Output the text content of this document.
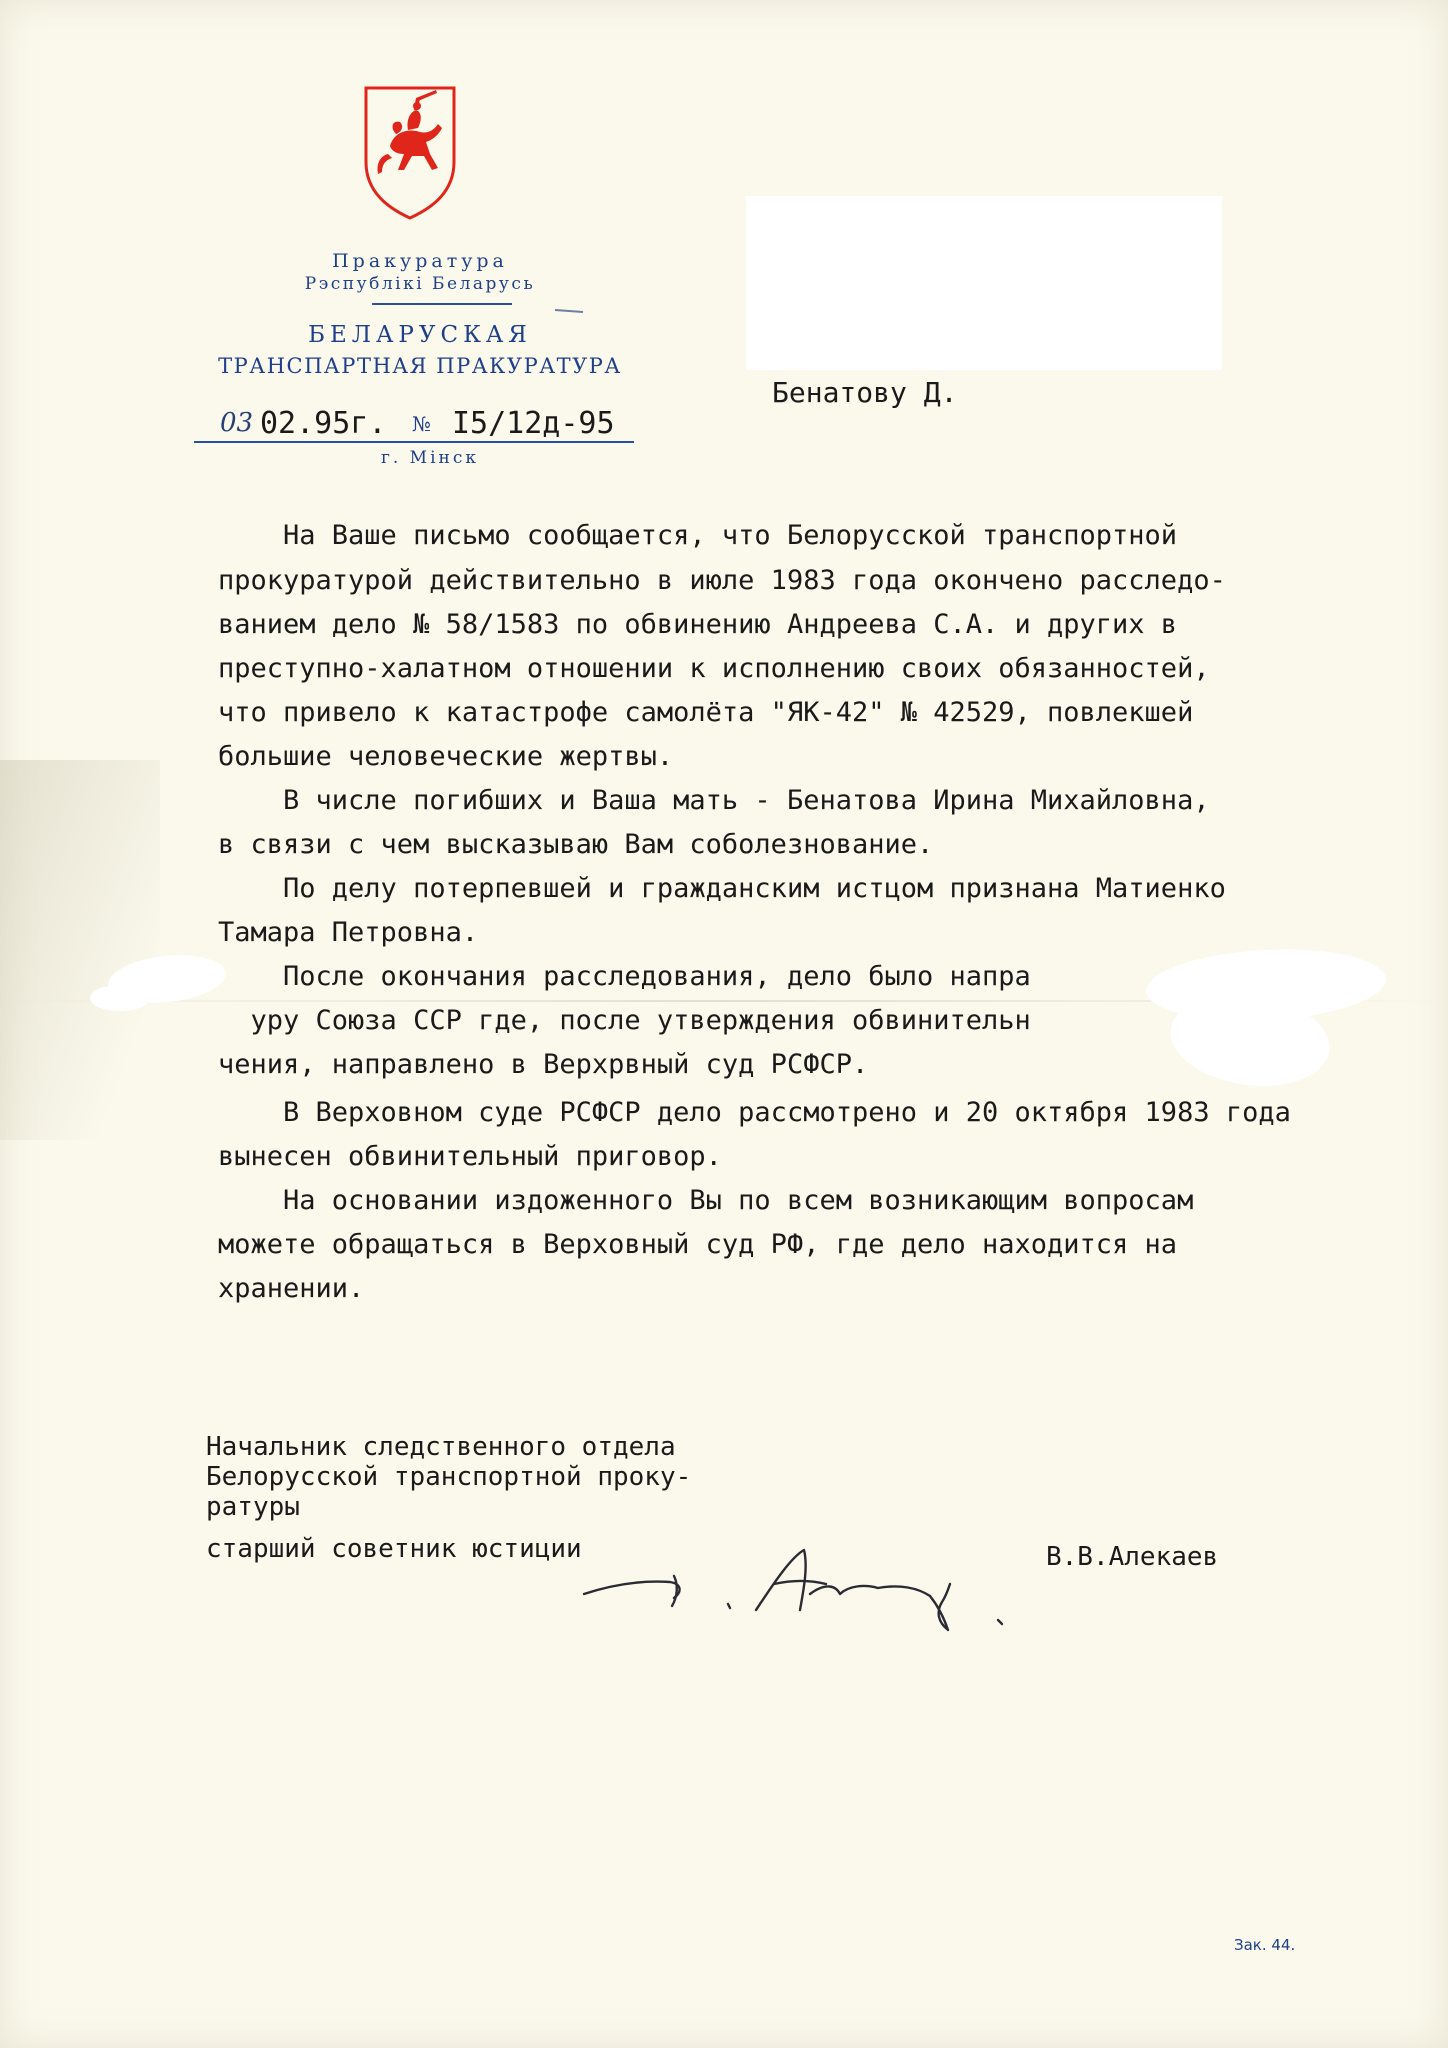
Пракуратура
Рэспублікі Беларусь
БЕЛАРУСКАЯ
ТРАНСПАРТНАЯ ПРАКУРАТУРА
03 02.95г. № I5/12д-95
г. Мінск
Бенатову Д.
На Ваше письмо сообщается, что Белорусской транспортной
прокуратурой действительно в июле 1983 года окончено расследо-
ванием дело № 58/1583 по обвинению Андреева С.А. и других в
преступно-халатном отношении к исполнению своих обязанностей,
что привело к катастрофе самолёта "ЯК-42" № 42529, повлекшей
большие человеческие жертвы.
В числе погибших и Ваша мать - Бенатова Ирина Михайловна,
в связи с чем высказываю Вам соболезнование.
По делу потерпевшей и гражданским истцом признана Матиенко
Тамара Петровна.
После окончания расследования, дело было напра
уру Союза ССР где, после утверждения обвинительн
чения, направлено в Верхрвный суд РСФСР.
В Верховном суде РСФСР дело рассмотрено и 20 октября 1983 года
вынесен обвинительный приговор.
На основании издоженного Вы по всем возникающим вопросам
можете обращаться в Верховный суд РФ, где дело находится на
хранении.
Начальник следственного отдела
Белорусской транспортной проку-
ратуры
старший советник юстиции	В.В.Алекаев
Зак. 44.
